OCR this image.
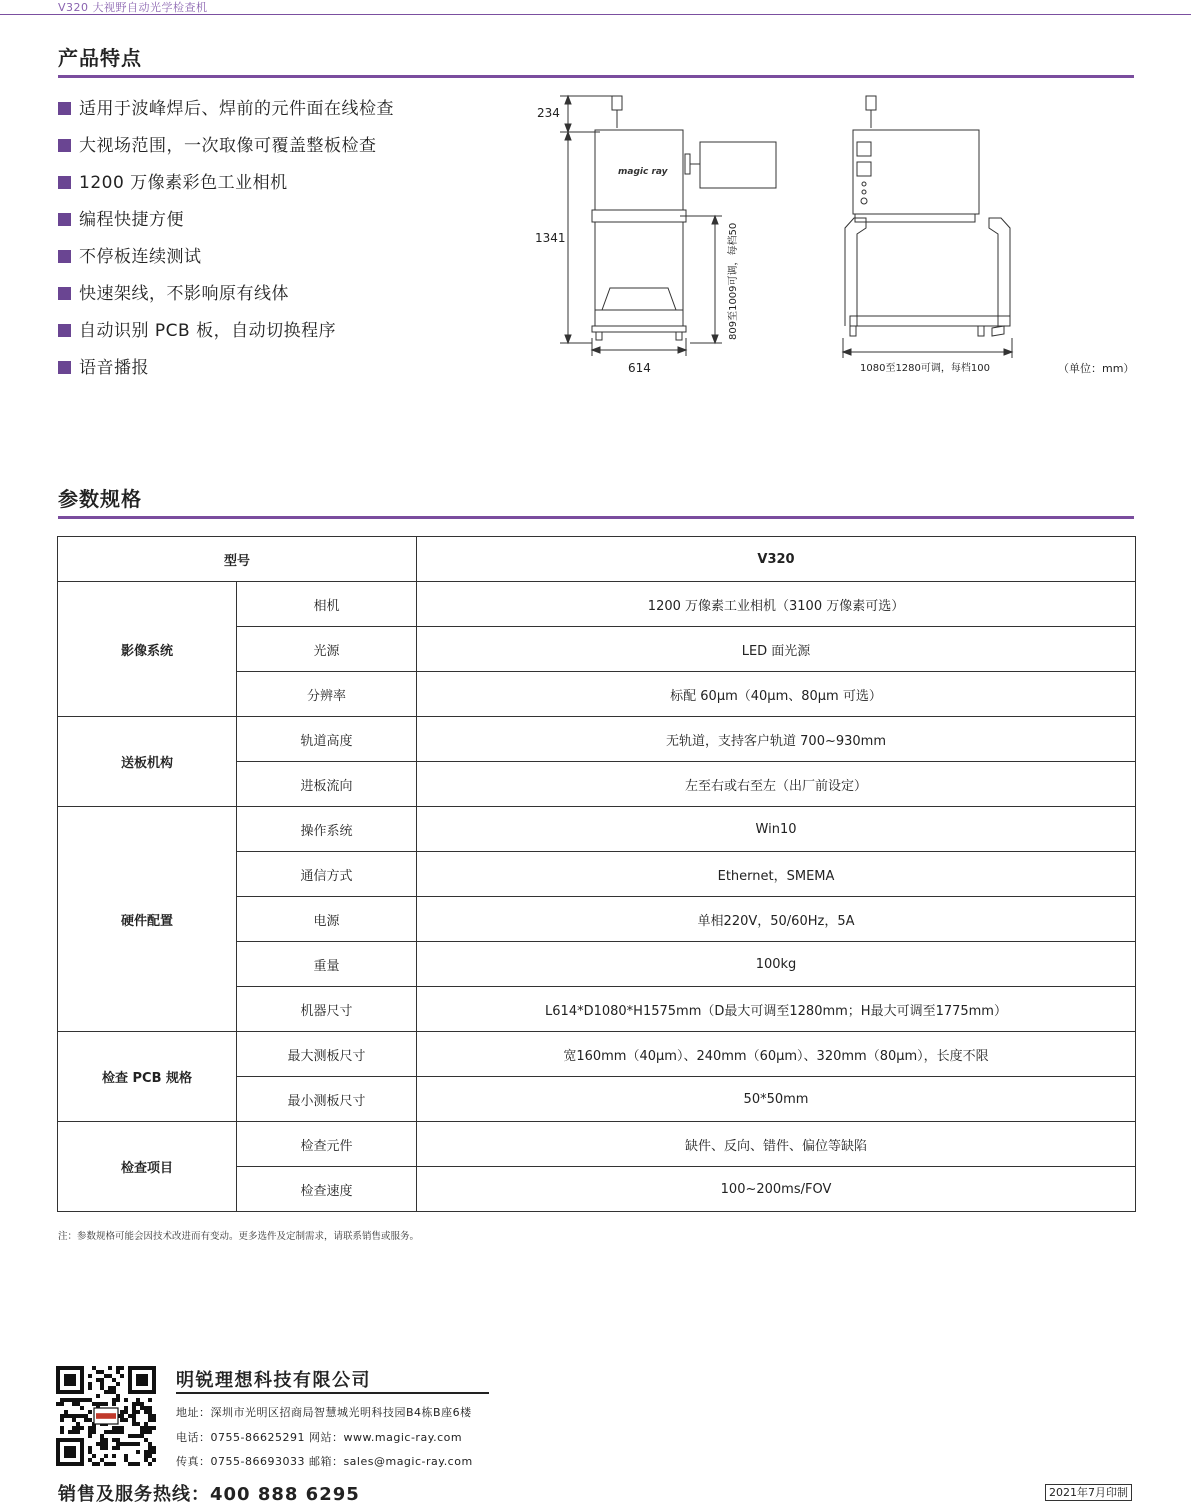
V320 大视野自动光学检查机
产品特点
适用于波峰焊后、焊前的元件面在线检查
大视场范围，一次取像可覆盖整板检查
1200 万像素彩色工业相机
编程快捷方便
不停板连续测试
快速架线，不影响原有线体
自动识别 PCB 板，自动切换程序
语音播报
magic ray
234
1341
614	1080至1280可调，每档100
809至1009可调，每档50
（单位：mm）
参数规格
型号		V320
影像系统	相机	1200 万像素工业相机（3100 万像素可选）
	光源	LED 面光源
	分辨率	标配 60μm（40μm、80μm 可选）
送板机构	轨道高度	无轨道，支持客户轨道 700~930mm
	进板流向	左至右或右至左（出厂前设定）
硬件配置	操作系统	Win10
	通信方式	Ethernet，SMEMA
	电源	单相220V，50/60Hz，5A
	重量	100kg
	机器尺寸	L614*D1080*H1575mm（D最大可调至1280mm；H最大可调至1775mm）
检查 PCB 规格	最大测板尺寸	宽160mm（40μm）、240mm（60μm）、320mm（80μm），长度不限
	最小测板尺寸	50*50mm
检查项目	检查元件	缺件、反向、错件、偏位等缺陷
	检查速度	100~200ms/FOV
注：参数规格可能会因技术改进而有变动。更多选件及定制需求，请联系销售或服务。
明锐理想科技有限公司
地址：深圳市光明区招商局智慧城光明科技园B4栋B座6楼
电话：0755-86625291 网站：www.magic-ray.com
传真：0755-86693033 邮箱：sales@magic-ray.com
销售及服务热线：400 888 6295	2021年7月印制
